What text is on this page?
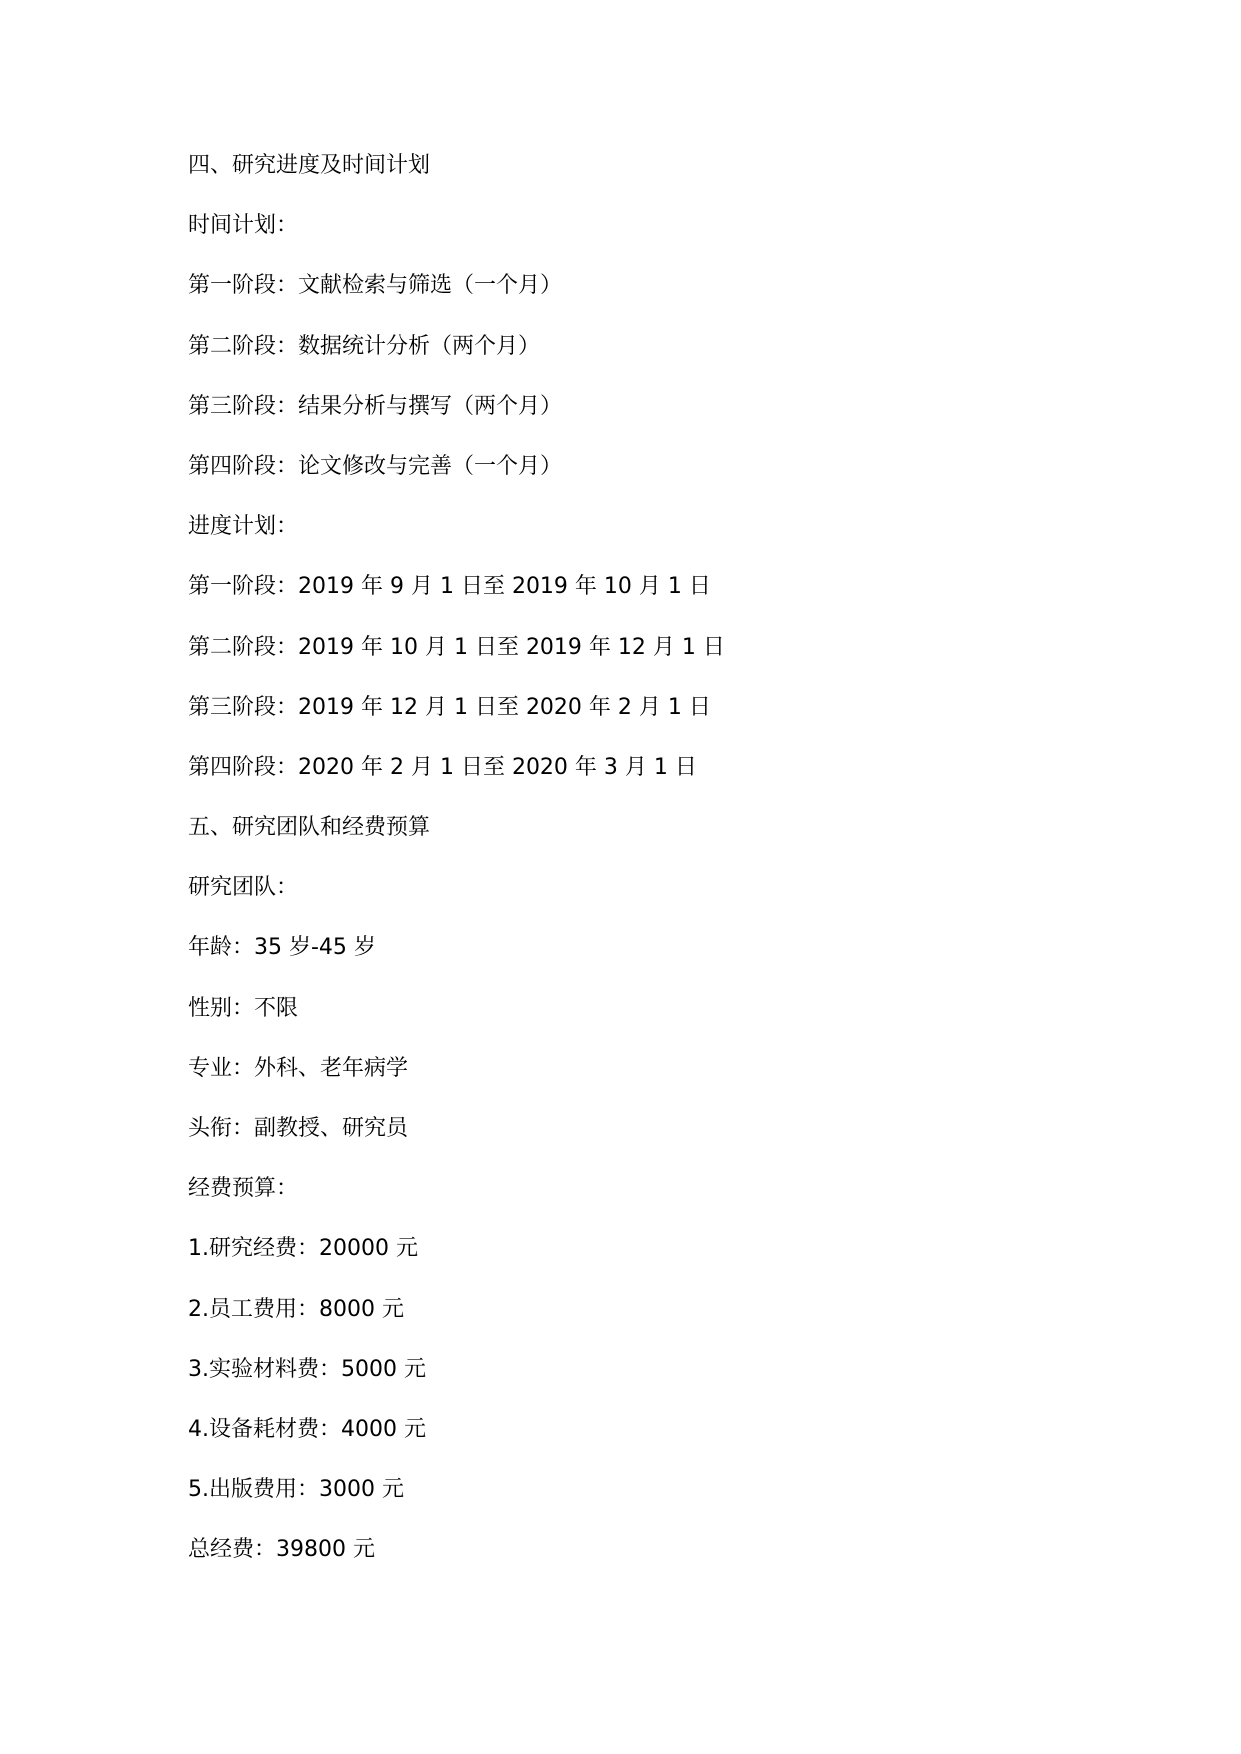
四、研究进度及时间计划
时间计划：
第一阶段：文献检索与筛选（一个月）
第二阶段：数据统计分析（两个月）
第三阶段：结果分析与撰写（两个月）
第四阶段：论文修改与完善（一个月）
进度计划：
第一阶段：2019 年 9 月 1 日至 2019 年 10 月 1 日
第二阶段：2019 年 10 月 1 日至 2019 年 12 月 1 日
第三阶段：2019 年 12 月 1 日至 2020 年 2 月 1 日
第四阶段：2020 年 2 月 1 日至 2020 年 3 月 1 日
五、研究团队和经费预算
研究团队：
年龄：35 岁-45 岁
性别：不限
专业：外科、老年病学
头衔：副教授、研究员
经费预算：
1.研究经费：20000 元
2.员工费用：8000 元
3.实验材料费：5000 元
4.设备耗材费：4000 元
5.出版费用：3000 元
总经费：39800 元
